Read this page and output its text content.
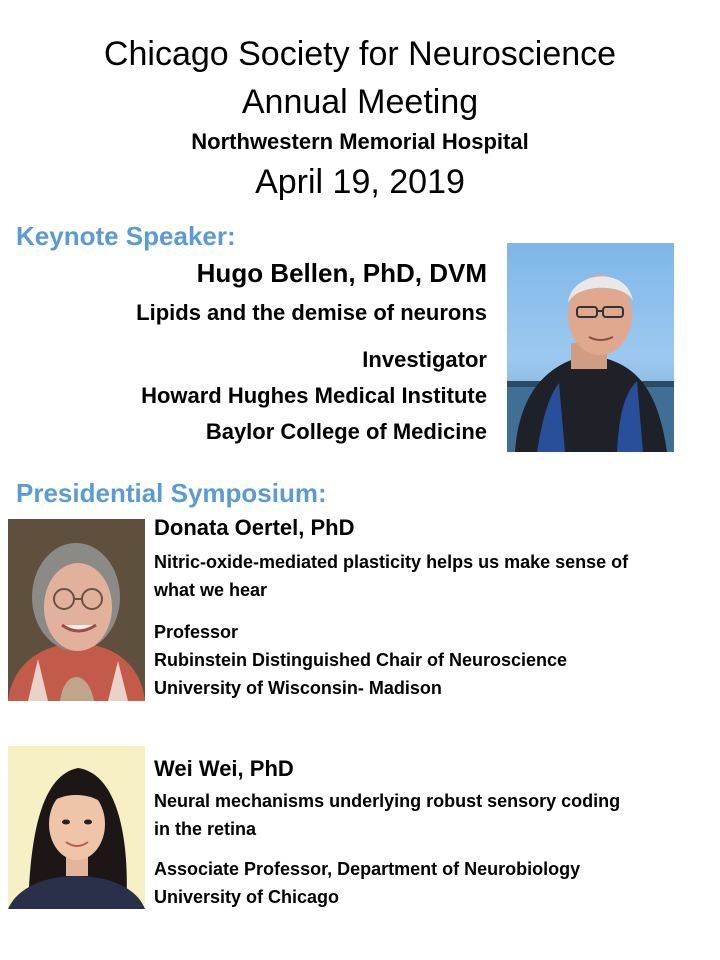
Chicago Society for Neuroscience
Annual Meeting
Northwestern Memorial Hospital
April 19, 2019
Keynote Speaker:
Hugo Bellen, PhD, DVM
Lipids and the demise of neurons
Investigator
Howard Hughes Medical Institute
Baylor College of Medicine
Presidential Symposium:
Donata Oertel, PhD
Nitric-oxide-mediated plasticity helps us make sense of
what we hear
Professor
Rubinstein Distinguished Chair of Neuroscience
University of Wisconsin- Madison
Wei Wei, PhD
Neural mechanisms underlying robust sensory coding
in the retina
Associate Professor, Department of Neurobiology
University of Chicago
